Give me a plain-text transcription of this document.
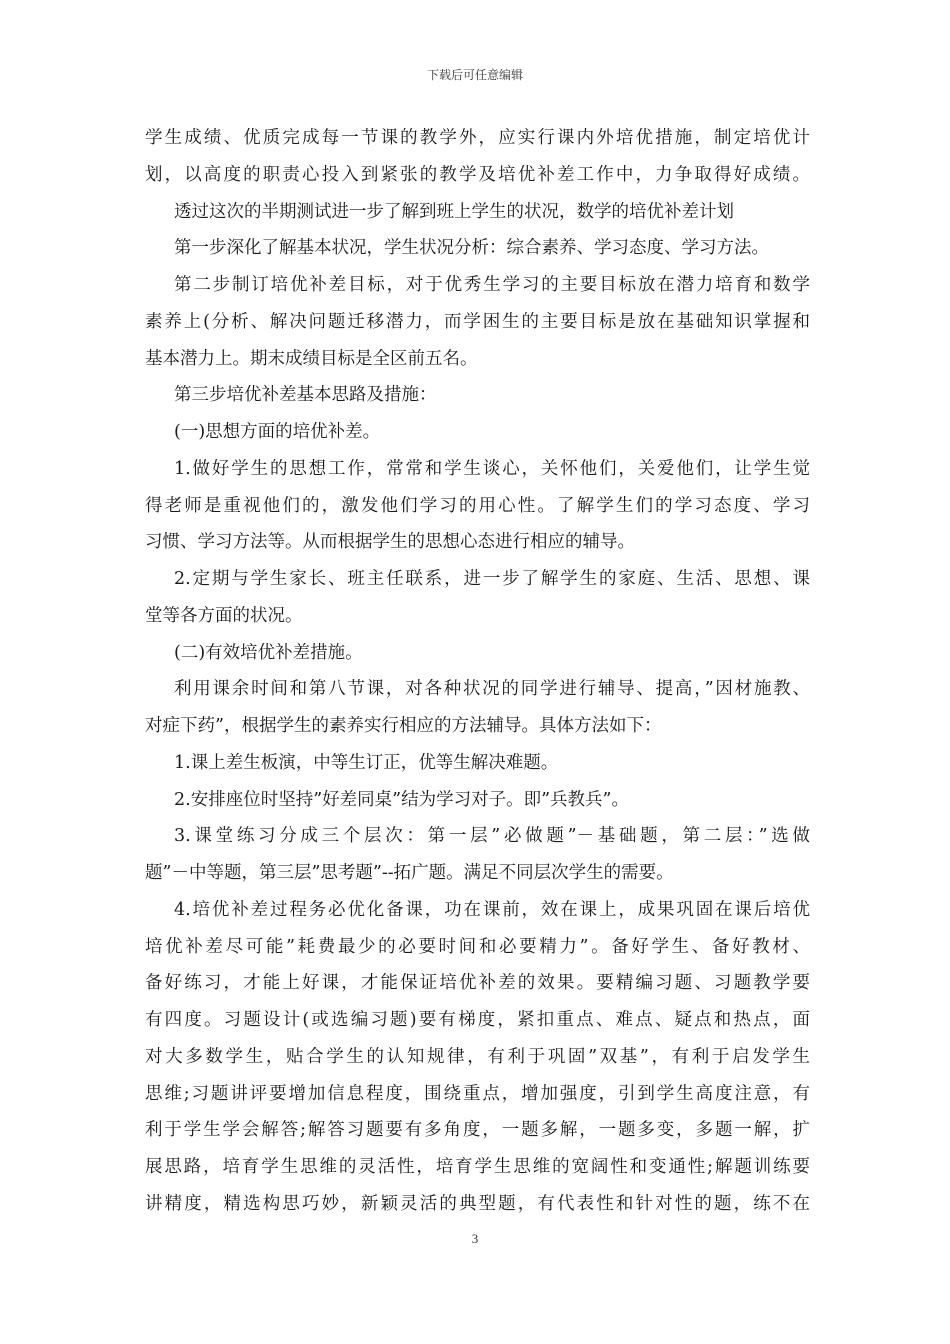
下载后可任意编辑
学生成绩、优质完成每一节课的教学外，应实行课内外培优措施，制定培优计
划，以高度的职责心投入到紧张的教学及培优补差工作中，力争取得好成绩。
透过这次的半期测试进一步了解到班上学生的状况，数学的培优补差计划
第一步深化了解基本状况，学生状况分析：综合素养、学习态度、学习方法。
第二步制订培优补差目标，对于优秀生学习的主要目标放在潜力培育和数学
素养上(分析、解决问题迁移潜力，而学困生的主要目标是放在基础知识掌握和
基本潜力上。期末成绩目标是全区前五名。
第三步培优补差基本思路及措施：
(一)思想方面的培优补差。
1.做好学生的思想工作，常常和学生谈心，关怀他们，关爱他们，让学生觉
得老师是重视他们的，激发他们学习的用心性。了解学生们的学习态度、学习
习惯、学习方法等。从而根据学生的思想心态进行相应的辅导。
2.定期与学生家长、班主任联系，进一步了解学生的家庭、生活、思想、课
堂等各方面的状况。
(二)有效培优补差措施。
利用课余时间和第八节课，对各种状况的同学进行辅导、提高，”因材施教、
对症下药”，根据学生的素养实行相应的方法辅导。具体方法如下：
1.课上差生板演，中等生订正，优等生解决难题。
2.安排座位时坚持”好差同桌”结为学习对子。即”兵教兵”。
3.课堂练习分成三个层次：第一层”必做题”－基础题，第二层：”选做
题”－中等题，第三层”思考题”--拓广题。满足不同层次学生的需要。
4.培优补差过程务必优化备课，功在课前，效在课上，成果巩固在课后培优
培优补差尽可能”耗费最少的必要时间和必要精力”。备好学生、备好教材、
备好练习，才能上好课，才能保证培优补差的效果。要精编习题、习题教学要
有四度。习题设计(或选编习题)要有梯度，紧扣重点、难点、疑点和热点，面
对大多数学生，贴合学生的认知规律，有利于巩固”双基”，有利于启发学生
思维;习题讲评要增加信息程度，围绕重点，增加强度，引到学生高度注意，有
利于学生学会解答;解答习题要有多角度，一题多解，一题多变，多题一解，扩
展思路，培育学生思维的灵活性，培育学生思维的宽阔性和变通性;解题训练要
讲精度，精选构思巧妙，新颖灵活的典型题，有代表性和针对性的题，练不在
3
